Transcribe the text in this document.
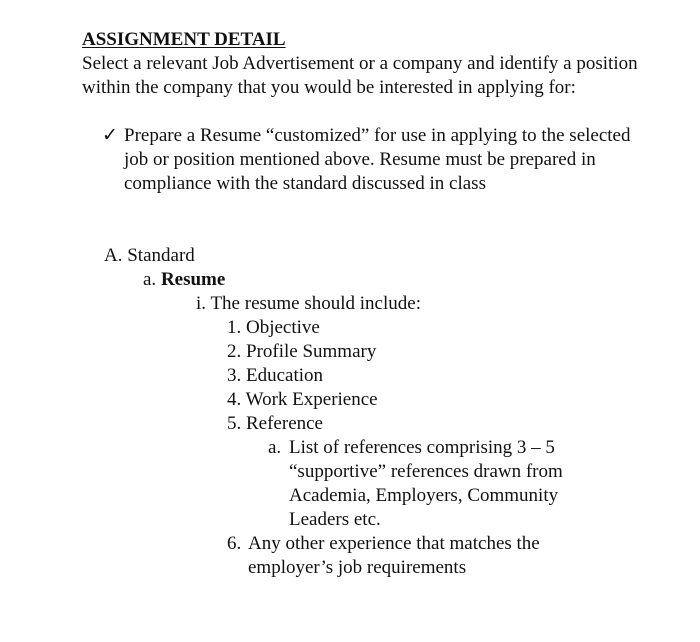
ASSIGNMENT DETAIL
Select a relevant Job Advertisement or a company and identify a position within the company that you would be interested in applying for:
✓ Prepare a Resume “customized” for use in applying to the selected job or position mentioned above. Resume must be prepared in compliance with the standard discussed in class
A. Standard
a. Resume
i. The resume should include:
1. Objective
2. Profile Summary
3. Education
4. Work Experience
5. Reference
a. List of references comprising 3 – 5
“supportive” references drawn from
Academia, Employers, Community
Leaders etc.
6. Any other experience that matches the
employer’s job requirements
